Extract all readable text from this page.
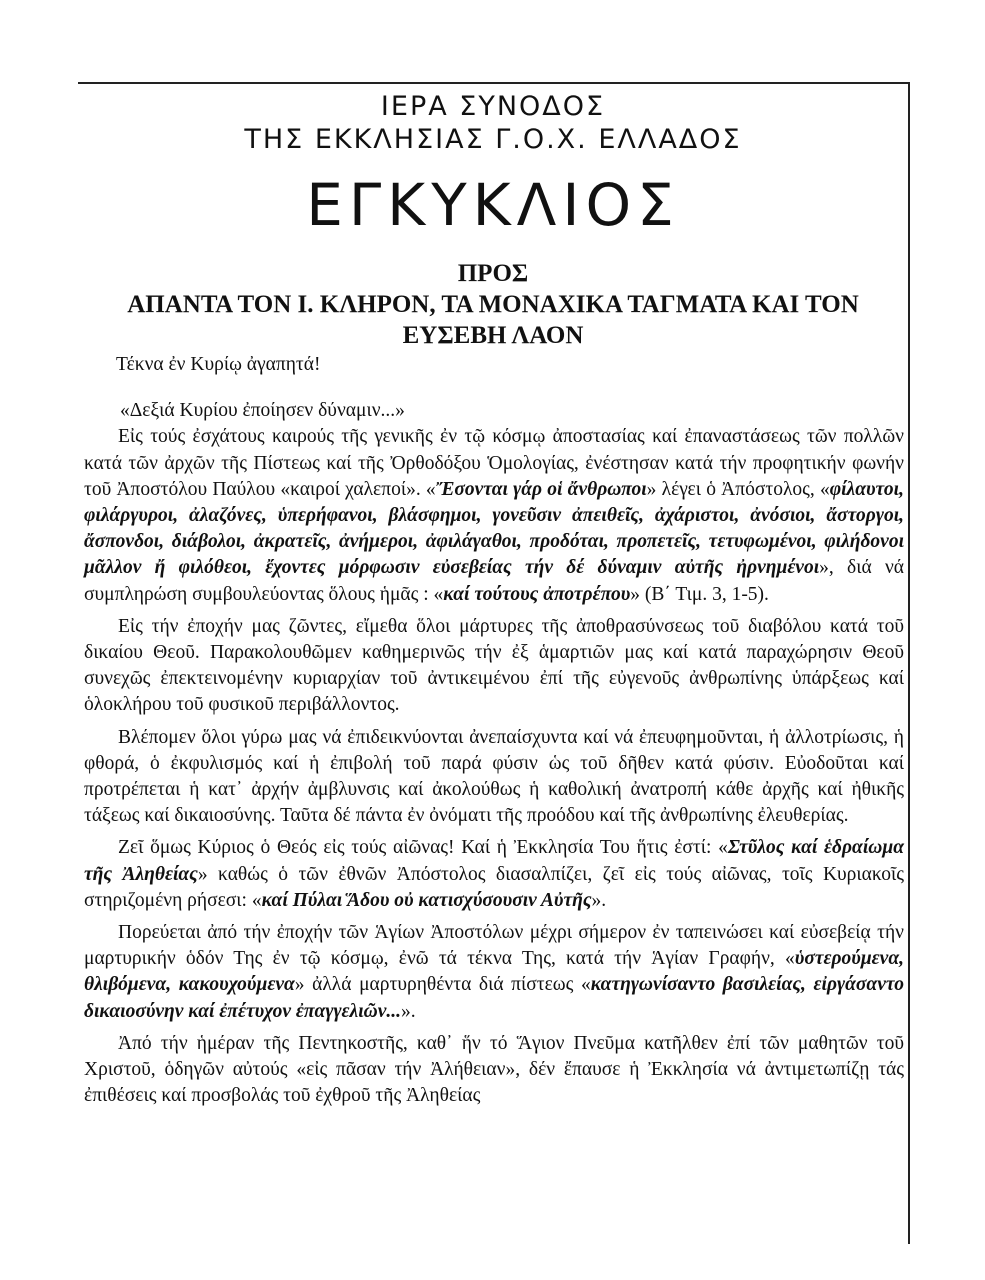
ΙΕΡΑ ΣΥΝΟΔΟΣ

ΤΗΣ ΕΚΚΛΗΣΙΑΣ Γ.Ο.Χ. ΕΛΛΑΔΟΣ

ΕΓΚΥΚΛΙΟΣ

ΠΡΟΣ

ΑΠΑΝΤΑ ΤΟΝ Ι. ΚΛΗΡΟΝ, ΤΑ ΜΟΝΑΧΙΚΑ ΤΑΓΜΑΤΑ ΚΑΙ ΤΟΝ

ΕΥΣΕΒΗ ΛΑΟΝ

Τέκνα ἐν Κυρίῳ ἀγαπητά!

«Δεξιά Κυρίου ἐποίησεν δύναμιν...»

Εἰς τούς ἐσχάτους καιρούς τῆς γενικῆς ἐν τῷ κόσμῳ ἀποστασίας καί ἐπαναστάσεως τῶν πολλῶν κατά τῶν ἀρχῶν τῆς Πίστεως καί τῆς Ὀρθοδόξου Ὁμολογίας, ἐνέστησαν κατά τήν προφητικήν φωνήν τοῦ Ἀποστόλου Παύλου «καιροί χαλεποί». «Ἔσονται γάρ οἱ ἄνθρωποι» λέγει ὁ Ἀπόστολος, «φίλαυτοι, φιλάργυροι, ἀλαζόνες, ὑπερήφανοι, βλάσφημοι, γονεῦσιν ἀπειθεῖς, ἀχάριστοι, ἀνόσιοι, ἄστοργοι, ἄσπονδοι, διάβολοι, ἀκρατεῖς, ἀνήμεροι, ἀφιλάγαθοι, προδόται, προπετεῖς, τετυφωμένοι, φιλήδονοι μᾶλλον ἤ φιλόθεοι, ἔχοντες μόρφωσιν εὐσεβείας τήν δέ δύναμιν αὐτῆς ἠρνημένοι», διά νά συμπληρώση συμβουλεύοντας ὅλους ἡμᾶς : «καί τούτους ἀποτρέπου» (Β΄ Τιμ. 3, 1-5).

Εἰς τήν ἐποχήν μας ζῶντες, εἴμεθα ὅλοι μάρτυρες τῆς ἀποθρασύνσεως τοῦ διαβόλου κατά τοῦ δικαίου Θεοῦ. Παρακολουθῶμεν καθημερινῶς τήν ἐξ ἁμαρτιῶν μας καί κατά παραχώρησιν Θεοῦ συνεχῶς ἐπεκτεινομένην κυριαρχίαν τοῦ ἀντικειμένου ἐπί τῆς εὐγενοῦς ἀνθρωπίνης ὑπάρξεως καί ὁλοκλήρου τοῦ φυσικοῦ περιβάλλοντος.

Βλέπομεν ὅλοι γύρω μας νά ἐπιδεικνύονται ἀνεπαίσχυντα καί νά ἐπευφημοῦνται, ἡ ἀλλοτρίωσις, ἡ φθορά, ὁ ἐκφυλισμός καί ἡ ἐπιβολή τοῦ παρά φύσιν ὡς τοῦ δῆθεν κατά φύσιν. Εὐοδοῦται καί προτρέπεται ἡ κατ᾽ ἀρχήν ἀμβλυνσις καί ἀκολούθως ἡ καθολική ἀνατροπή κάθε ἀρχῆς καί ἠθικῆς τάξεως καί δικαιοσύνης. Ταῦτα δέ πάντα ἐν ὀνόματι τῆς προόδου καί τῆς ἀνθρωπίνης ἐλευθερίας.

Ζεῖ ὅμως Κύριος ὁ Θεός εἰς τούς αἰῶνας! Καί ἡ Ἐκκλησία Του ἥτις ἐστί: «Στῦλος καί ἑδραίωμα τῆς Ἀληθείας» καθώς ὁ τῶν ἐθνῶν Ἀπόστολος διασαλπίζει, ζεῖ εἰς τούς αἰῶνας, τοῖς Κυριακοῖς στηριζομένη ρήσεσι: «καί Πύλαι Ἅδου οὐ κατισχύσουσιν Αὐτῆς».

Πορεύεται ἀπό τήν ἐποχήν τῶν Ἁγίων Ἀποστόλων μέχρι σήμερον ἐν ταπεινώσει καί εὐσεβείᾳ τήν μαρτυρικήν ὁδόν Της ἐν τῷ κόσμῳ, ἐνῶ τά τέκνα Της, κατά τήν Ἁγίαν Γραφήν, «ὑστερούμενα, θλιβόμενα, κακουχούμενα» ἀλλά μαρτυρηθέντα διά πίστεως «κατηγωνίσαντο βασιλείας, εἰργάσαντο δικαιοσύνην καί ἐπέτυχον ἐπαγγελιῶν...».

Ἀπό τήν ἡμέραν τῆς Πεντηκοστῆς, καθ᾽ ἥν τό Ἅγιον Πνεῦμα κατῆλθεν ἐπί τῶν μαθητῶν τοῦ Χριστοῦ, ὁδηγῶν αὐτούς «εἰς πᾶσαν τήν Ἀλήθειαν», δέν ἔπαυσε ἡ Ἐκκλησία νά ἀντιμετωπίζῃ τάς ἐπιθέσεις καί προσβολάς τοῦ ἐχθροῦ τῆς Ἀληθείας
